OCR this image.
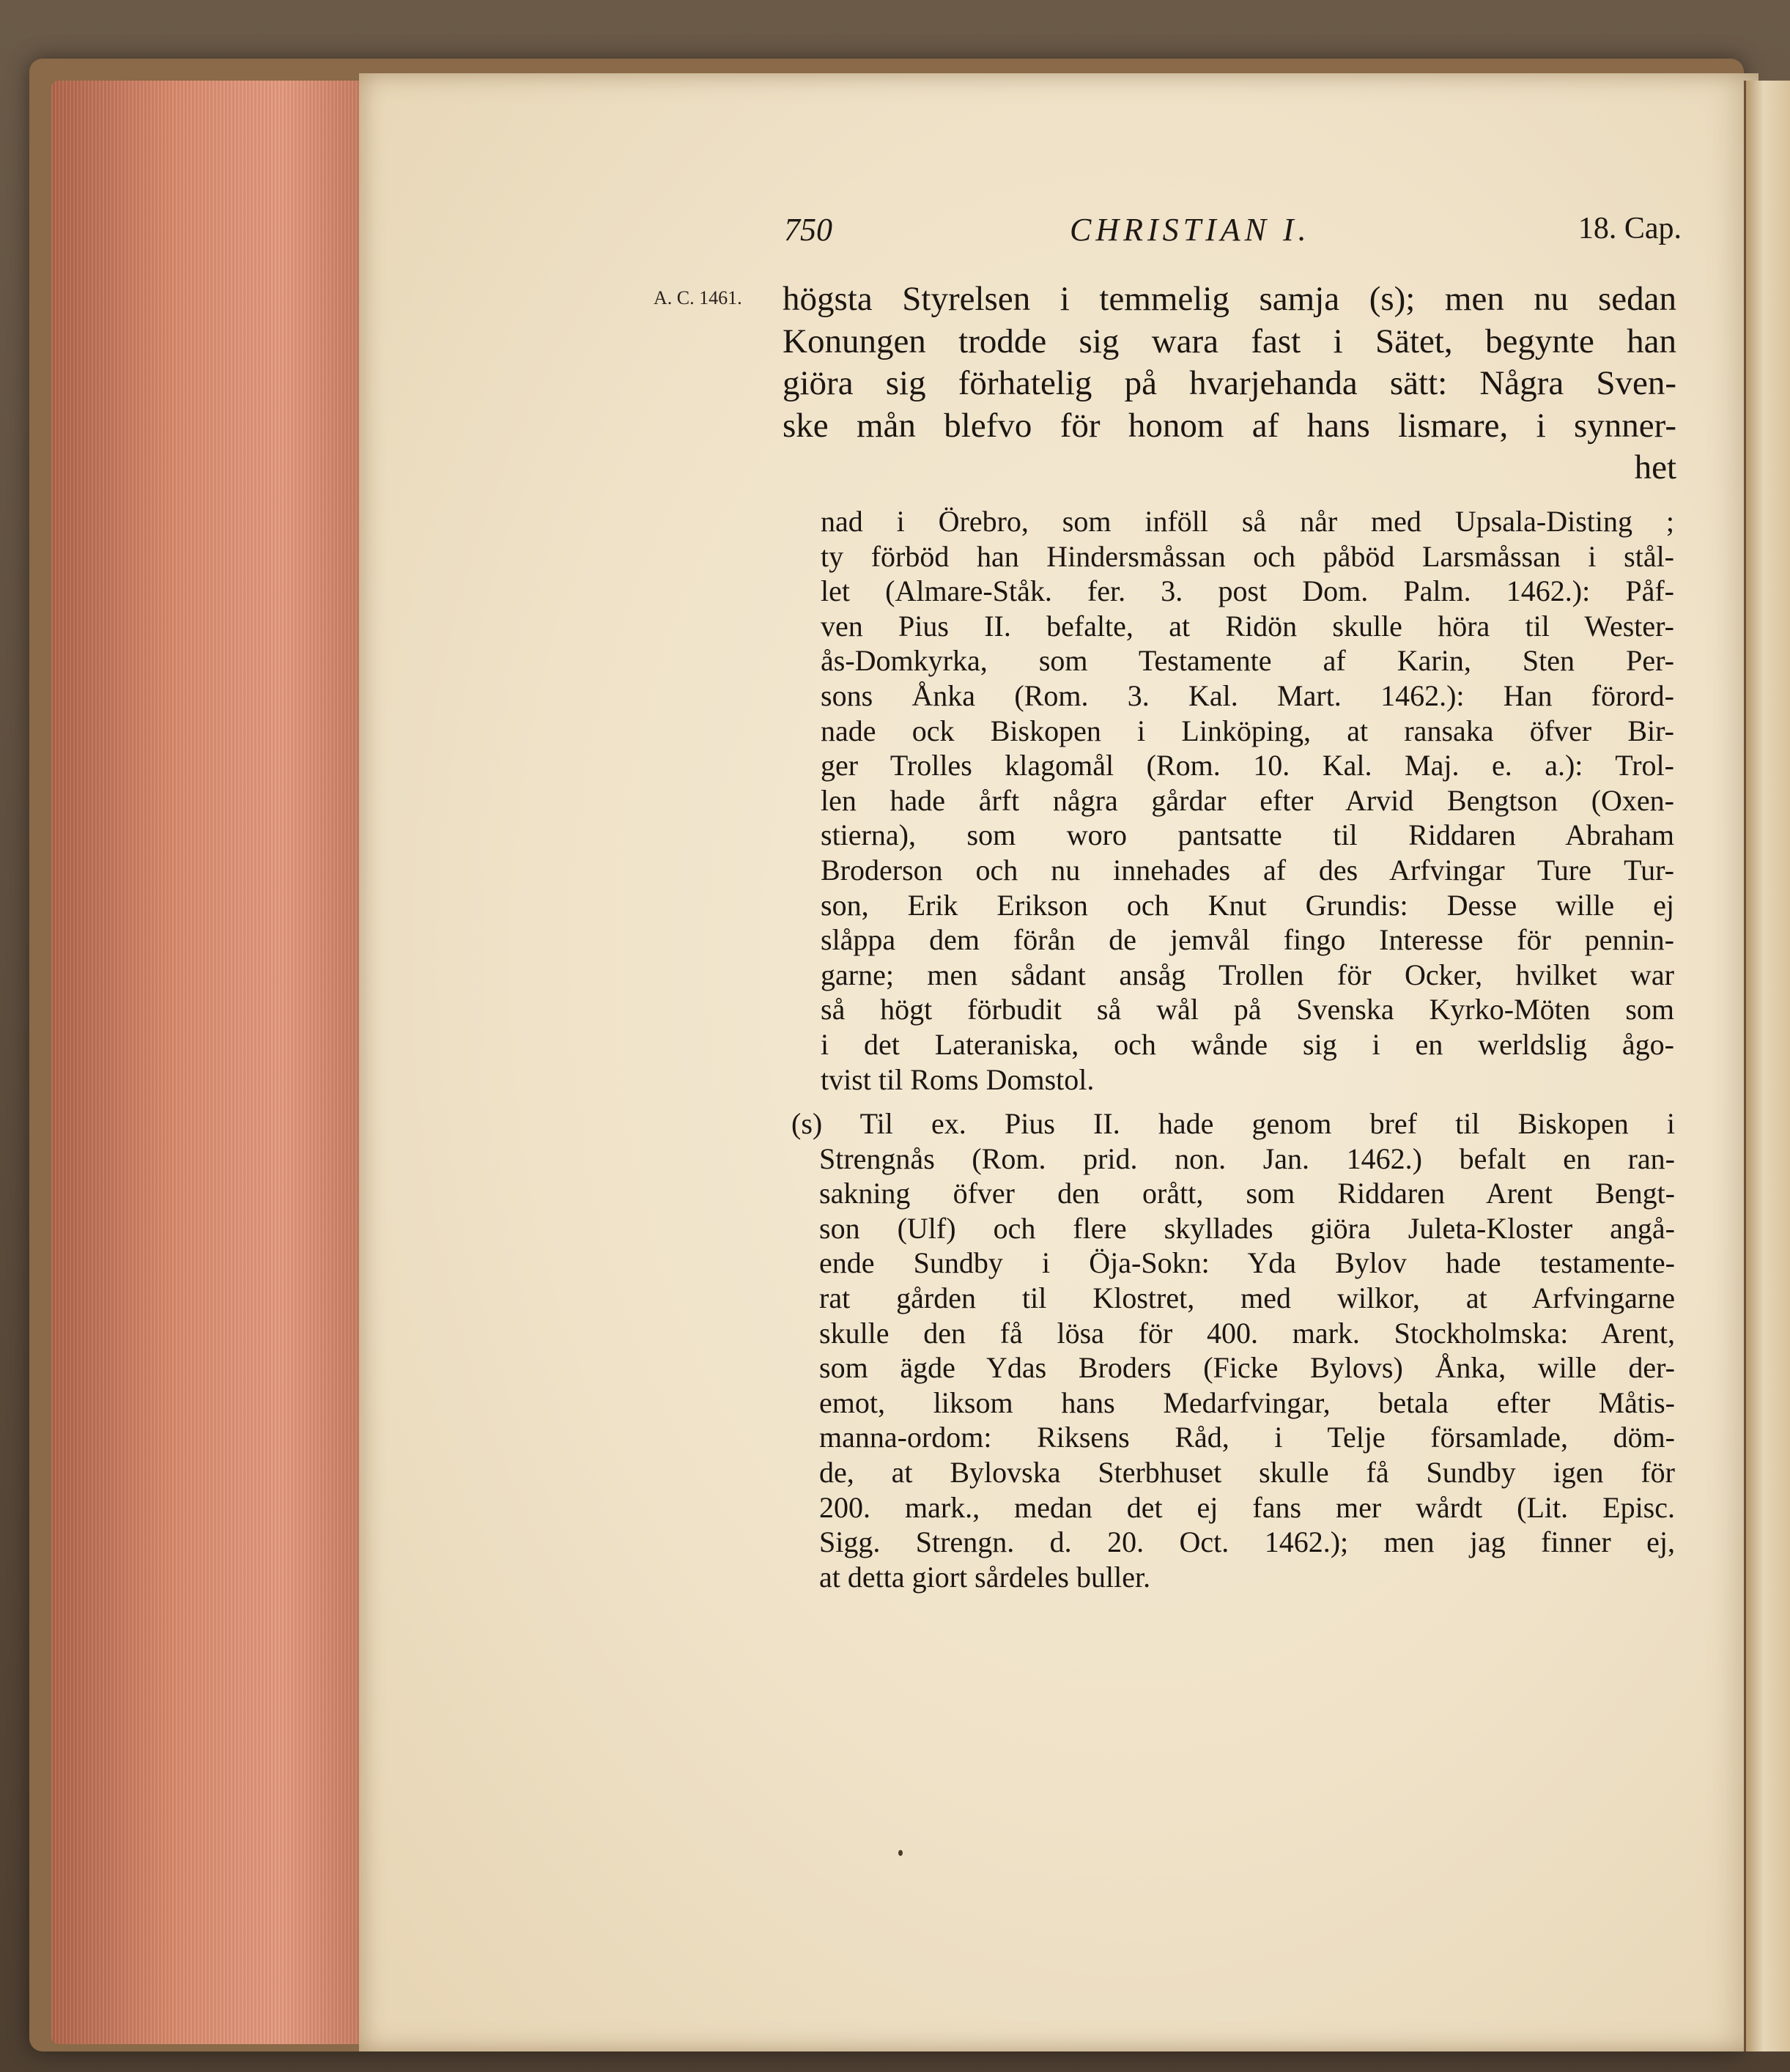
750	CHRISTIAN I.	18. Cap.
A. C. 1461. högsta Styrelsen i temmelig samja (s); men nu sedan
Konungen trodde sig wara fast i Sätet, begynte han
giöra sig förhatelig på hvarjehanda sätt: Några Sven-
ske mån blefvo för honom af hans lismare, i synner-
het
nad i Örebro, som inföll så når med Upsala-Disting ;
ty förböd han Hindersmåssan och påböd Larsmåssan i stål-
let (Almare-Ståk. fer. 3. post Dom. Palm. 1462.): Påf-
ven Pius II. befalte, at Ridön skulle höra til Wester-
ås-Domkyrka, som Testamente af Karin, Sten Per-
sons Ånka (Rom. 3. Kal. Mart. 1462.): Han förord-
nade ock Biskopen i Linköping, at ransaka öfver Bir-
ger Trolles klagomål (Rom. 10. Kal. Maj. e. a.): Trol-
len hade årft några gårdar efter Arvid Bengtson (Oxen-
stierna), som woro pantsatte til Riddaren Abraham
Broderson och nu innehades af des Arfvingar Ture Tur-
son, Erik Erikson och Knut Grundis: Desse wille ej
slåppa dem förån de jemvål fingo Interesse för pennin-
garne; men sådant ansåg Trollen för Ocker, hvilket war
så högt förbudit så wål på Svenska Kyrko-Möten som
i det Lateraniska, och wånde sig i en werldslig ågo-
tvist til Roms Domstol.
(s) Til ex. Pius II. hade genom bref til Biskopen i
Strengnås (Rom. prid. non. Jan. 1462.) befalt en ran-
sakning öfver den orått, som Riddaren Arent Bengt-
son (Ulf) och flere skyllades giöra Juleta-Kloster angå-
ende Sundby i Öja-Sokn: Yda Bylov hade testamente-
rat gården til Klostret, med wilkor, at Arfvingarne
skulle den få lösa för 400. mark. Stockholmska: Arent,
som ägde Ydas Broders (Ficke Bylovs) Ånka, wille der-
emot, liksom hans Medarfvingar, betala efter Måtis-
manna-ordom: Riksens Råd, i Telje församlade, döm-
de, at Bylovska Sterbhuset skulle få Sundby igen för
200. mark., medan det ej fans mer wårdt (Lit. Episc.
Sigg. Strengn. d. 20. Oct. 1462.); men jag finner ej,
at detta giort sårdeles buller.
